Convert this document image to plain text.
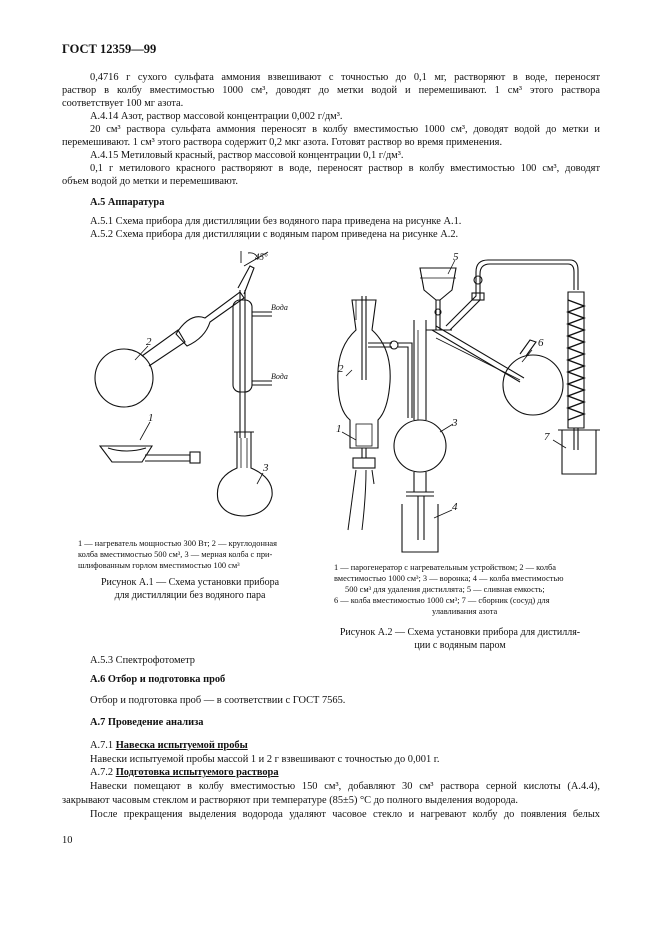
ГОСТ 12359—99
0,4716 г сухого сульфата аммония взвешивают с точностью до 0,1 мг, растворяют в воде, переносят
раствор в колбу вместимостью 1000 см³, доводят до метки водой и перемешивают. 1 см³ этого раствора
соответствует 100 мг азота.
А.4.14 Азот, раствор массовой концентрации 0,002 г/дм³.
20 см³ раствора сульфата аммония переносят в колбу вместимостью 1000 см³, доводят водой до метки и
перемешивают. 1 см³ этого раствора содержит 0,2 мкг азота. Готовят раствор во время применения.
А.4.15 Метиловый красный, раствор массовой концентрации 0,1 г/дм³.
0,1 г метилового красного растворяют в воде, переносят раствор в колбу вместимостью 100 см³, доводят
объем водой до метки и перемешивают.
А.5 Аппаратура
А.5.1 Схема прибора для дистилляции без водяного пара приведена на рисунке А.1.
А.5.2 Схема прибора для дистилляции с водяным паром приведена на рисунке А.2.
45°
Вода
Вода
2
1
3
2
1	3
4
5
6
7
1 — нагреватель мощностью 300 Вт; 2 — круглодонная
колба вместимостью 500 см³, 3 — мерная колба с при-
шлифованным горлом вместимостью 100 см³
Рисунок А.1 — Схема установки прибора
для дистилляции без водяного пара
1 — парогенератор с нагревательным устройством; 2 — колба
вместимостью 1000 см³; 3 — воронка; 4 — колба вместимостью
500 см³ для удаления дистиллята; 5 — сливная емкость;
6 — колба вместимостью 1000 см³; 7 — сборник (сосуд) для
улавливания азота
Рисунок А.2 — Схема установки прибора для дистилля-
ции с водяным паром
А.5.3 Спектрофотометр
А.6 Отбор и подготовка проб
Отбор и подготовка проб — в соответствии с ГОСТ 7565.
А.7 Проведение анализа
А.7.1 Навеска испытуемой пробы
Навески испытуемой пробы массой 1 и 2 г взвешивают с точностью до 0,001 г.
А.7.2 Подготовка испытуемого раствора
Навески помещают в колбу вместимостью 150 см³, добавляют 30 см³ раствора серной кислоты (А.4.4),
закрывают часовым стеклом и растворяют при температуре (85±5) °С до полного выделения водорода.
После прекращения выделения водорода удаляют часовое стекло и нагревают колбу до появления белых
10
